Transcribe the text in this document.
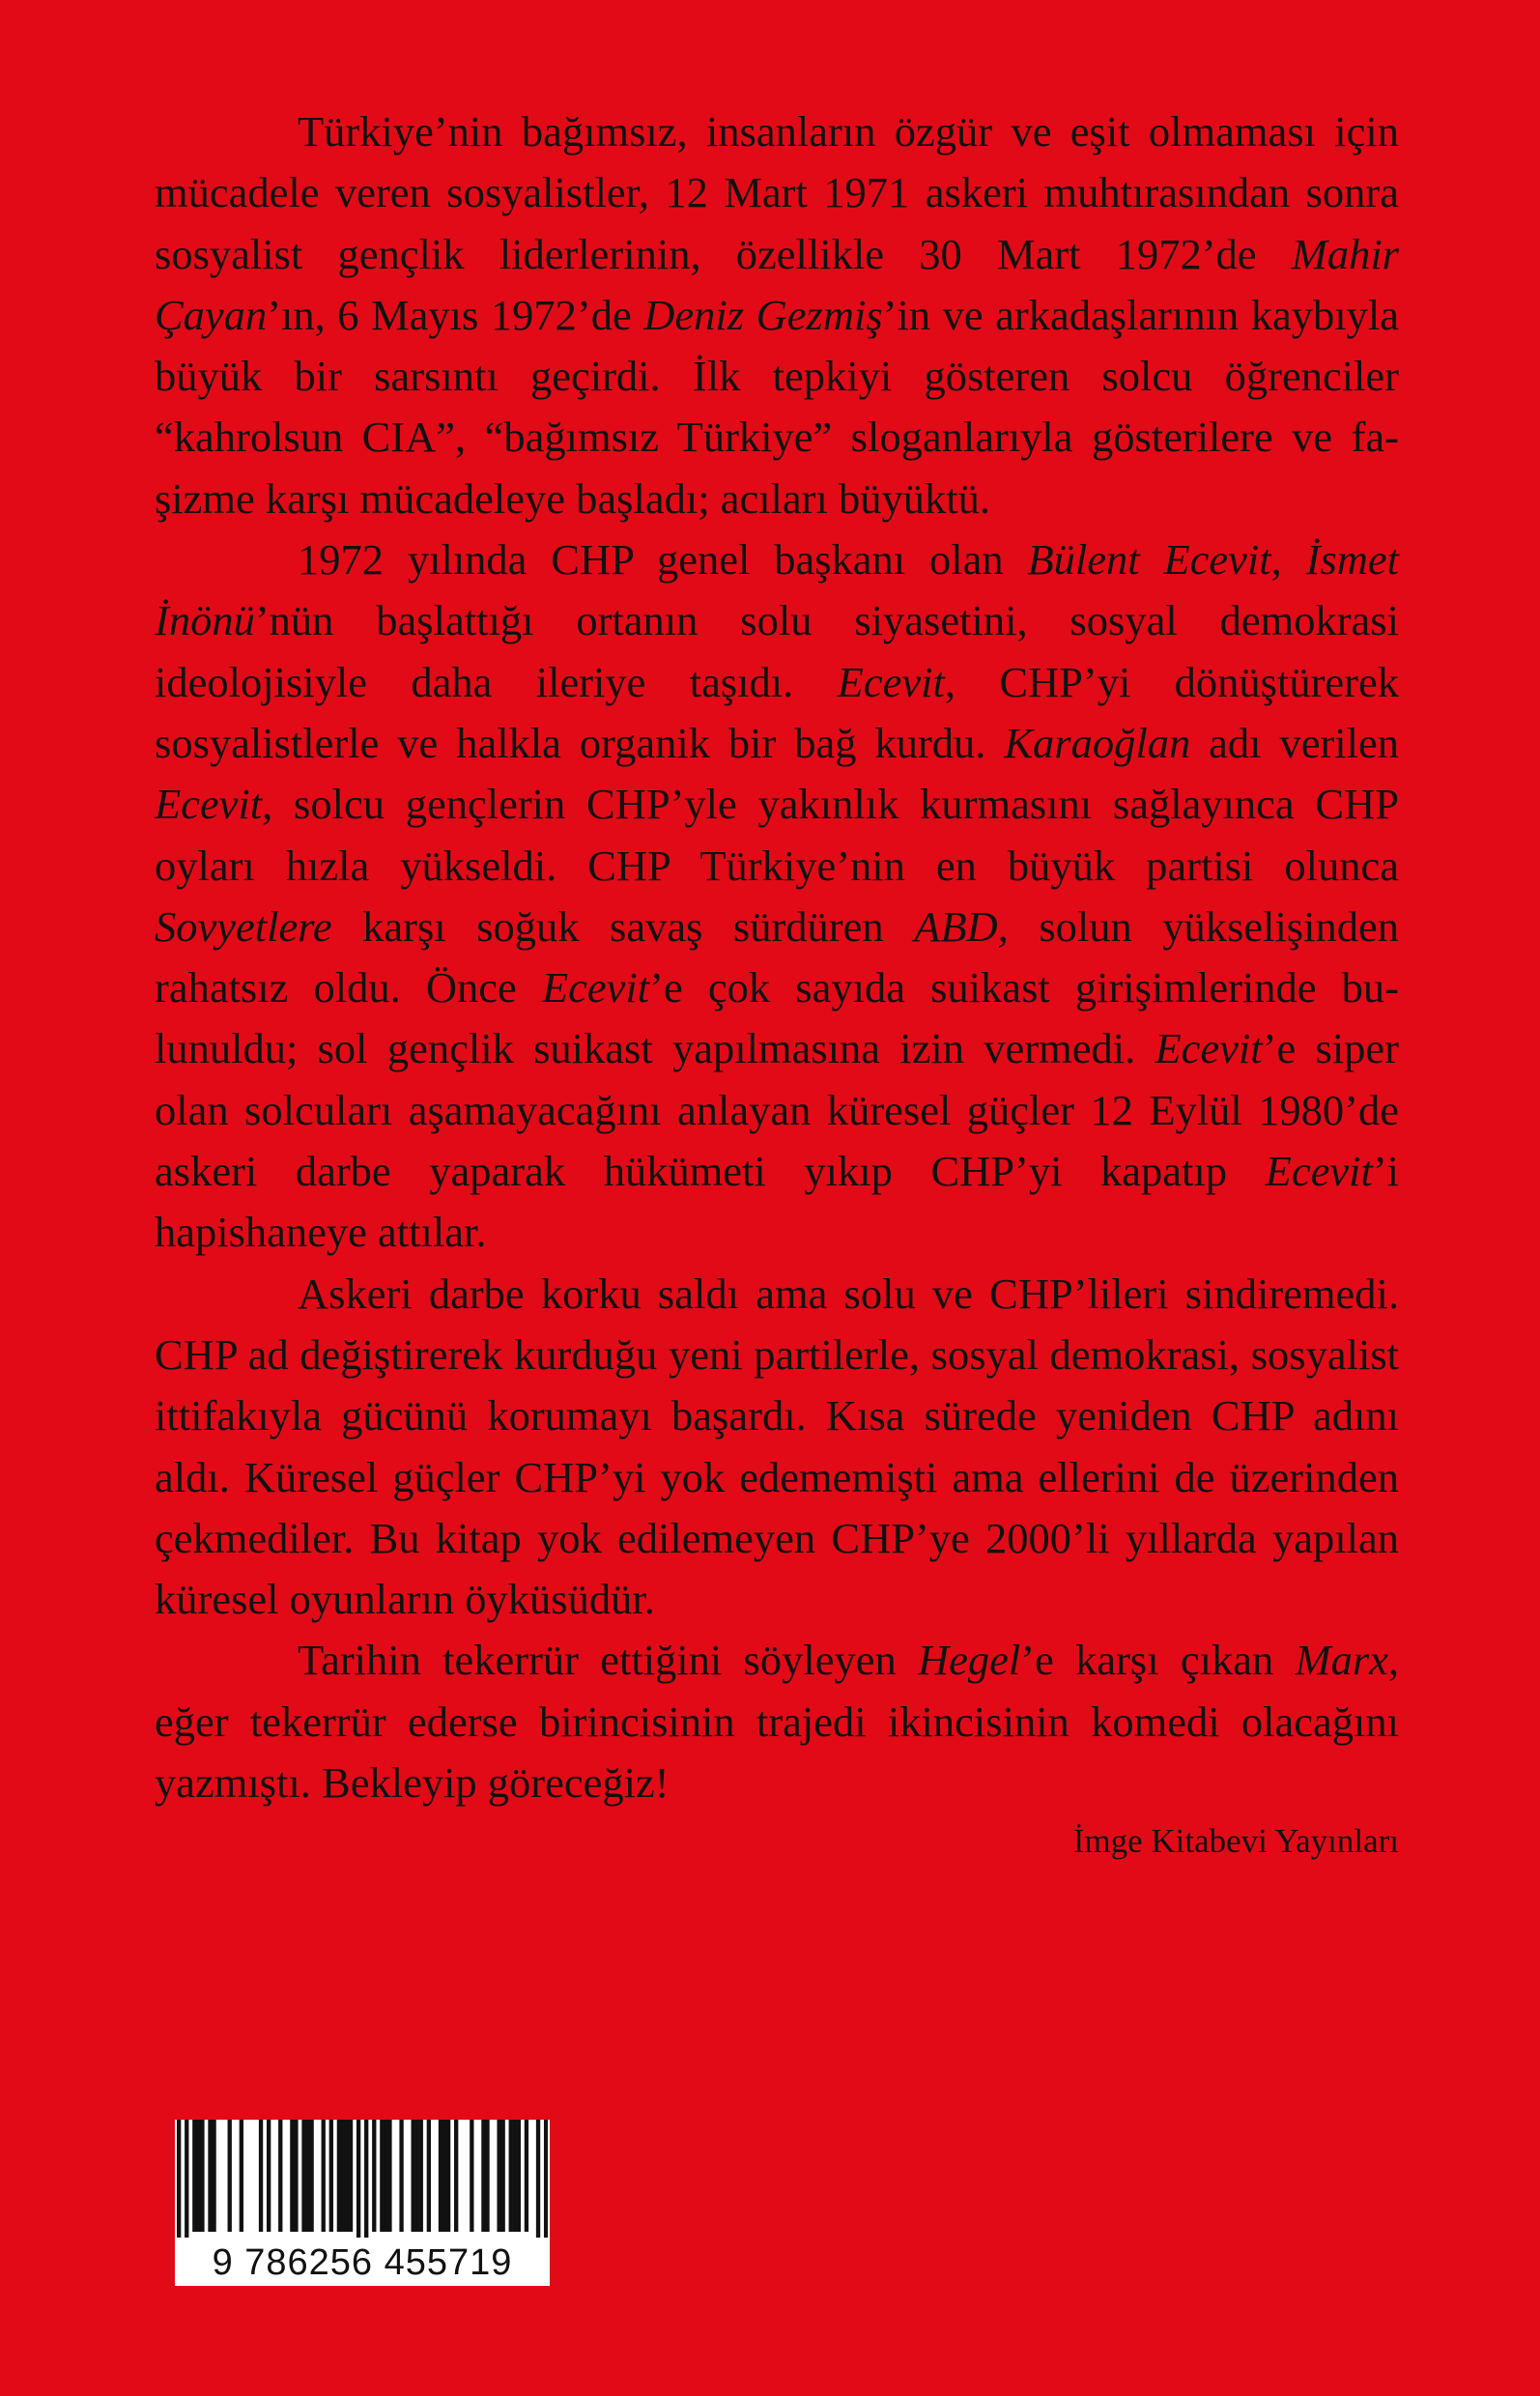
Türkiye’nin bağımsız, insanların özgür ve eşit olmaması için mücadele veren sosyalistler, 12 Mart 1971 askeri muhtırasından sonra sosyalist gençlik liderlerinin, özellikle 30 Mart 1972’de Mahir Çayan’ın, 6 Mayıs 1972’de Deniz Gezmiş’in ve arkadaşlarının kaybıyla büyük bir sarsıntı geçirdi. İlk tepkiyi gösteren solcu öğrenciler “kahrolsun CIA”, “bağımsız Türkiye” sloganlarıyla gösterilere ve faşizme karşı mücadeleye başladı; acıları büyüktü.

1972 yılında CHP genel başkanı olan Bülent Ecevit, İsmet İnönü’nün başlattığı ortanın solu siyasetini, sosyal demokrasi ideolojisiyle daha ileriye taşıdı. Ecevit, CHP’yi dönüştürerek sosyalistlerle ve halkla organik bir bağ kurdu. Karaoğlan adı verilen Ecevit, solcu gençlerin CHP’yle yakınlık kurmasını sağlayınca CHP oyları hızla yükseldi. CHP Türkiye’nin en büyük partisi olunca Sovyetlere karşı soğuk savaş sürdüren ABD, solun yükselişinden rahatsız oldu. Önce Ecevit’e çok sayıda suikast girişimlerinde bulunuldu; sol gençlik suikast yapılmasına izin vermedi. Ecevit’e siper olan solcuları aşamayacağını anlayan küresel güçler 12 Eylül 1980’de askeri darbe yaparak hükümeti yıkıp CHP’yi kapatıp Ecevit’i hapishaneye attılar.

Askeri darbe korku saldı ama solu ve CHP’lileri sindiremedi. CHP ad değiştirerek kurduğu yeni partilerle, sosyal demokrasi, sosyalist ittifakıyla gücünü korumayı başardı. Kısa sürede yeniden CHP adını aldı. Küresel güçler CHP’yi yok edememişti ama ellerini de üzerinden çekmediler. Bu kitap yok edilemeyen CHP’ye 2000’li yıllarda yapılan küresel oyunların öyküsüdür.

Tarihin tekerrür ettiğini söyleyen Hegel’e karşı çıkan Marx, eğer tekerrür ederse birincisinin trajedi ikincisinin komedi olacağını yazmıştı. Bekleyip göreceğiz!

İmge Kitabevi Yayınları

9 786256 455719
